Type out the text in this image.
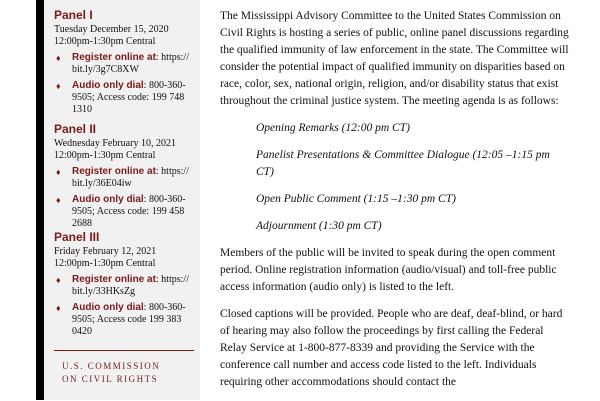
Panel I
Tuesday December 15, 2020
12:00pm-1:30pm Central
♦ Register online at: https:// bit.ly/3g7C8XW
♦ Audio only dial: 800-360-9505; Access code: 199 748 1310
Panel II
Wednesday February 10, 2021
12:00pm-1:30pm Central
♦ Register online at: https:// bit.ly/36E04iw
♦ Audio only dial: 800-360-9505; Access code: 199 458 2688
Panel III
Friday February 12, 2021
12:00pm-1:30pm Central
♦ Register online at: https:// bit.ly/33HKsZg
♦ Audio only dial: 800-360-9505; Access code 199 383 0420
U.S. COMMISSION
ON CIVIL RIGHTS

The Mississippi Advisory Committee to the United States Commission on Civil Rights is hosting a series of public, online panel discussions regarding the qualified immunity of law enforcement in the state. The Committee will consider the potential impact of qualified immunity on disparities based on race, color, sex, national origin, religion, and/or disability status that exist throughout the criminal justice system. The meeting agenda is as follows:

Opening Remarks (12:00 pm CT)
Panelist Presentations & Committee Dialogue (12:05 –1:15 pm CT)
Open Public Comment (1:15 –1:30 pm CT)
Adjournment (1:30 pm CT)

Members of the public will be invited to speak during the open comment period. Online registration information (audio/visual) and toll-free public access information (audio only) is listed to the left.

Closed captions will be provided. People who are deaf, deaf-blind, or hard of hearing may also follow the proceedings by first calling the Federal Relay Service at 1-800-877-8339 and providing the Service with the conference call number and access code listed to the left. Individuals requiring other accommodations should contact the
